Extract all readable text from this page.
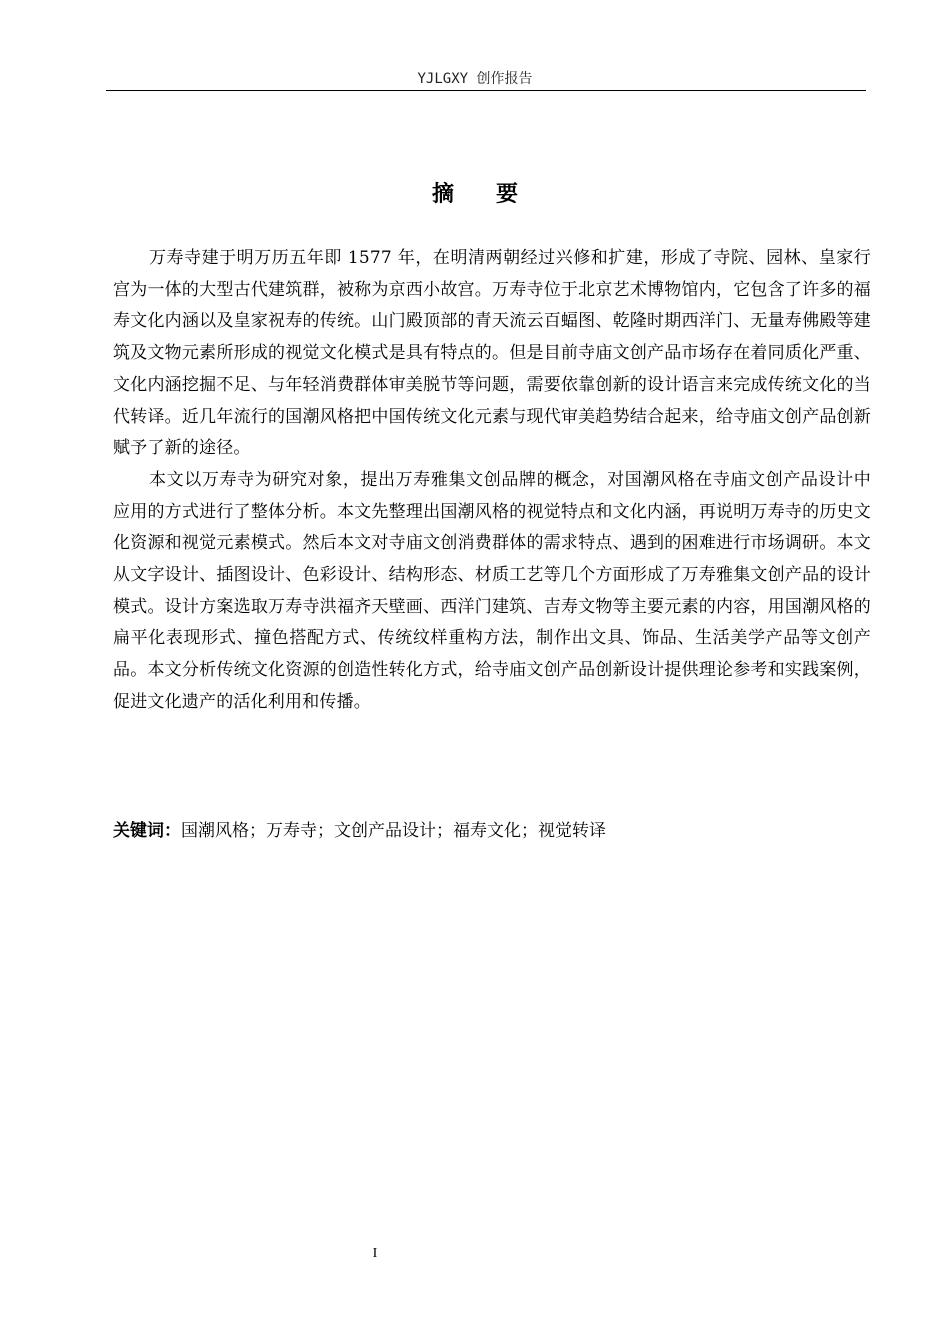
YJLGXY 创作报告
摘要

万寿寺建于明万历五年即 1577 年，在明清两朝经过兴修和扩建，形成了寺院、园林、皇家行宫为一体的大型古代建筑群，被称为京西小故宫。万寿寺位于北京艺术博物馆内，它包含了许多的福寿文化内涵以及皇家祝寿的传统。山门殿顶部的青天流云百蝠图、乾隆时期西洋门、无量寿佛殿等建筑及文物元素所形成的视觉文化模式是具有特点的。但是目前寺庙文创产品市场存在着同质化严重、文化内涵挖掘不足、与年轻消费群体审美脱节等问题，需要依靠创新的设计语言来完成传统文化的当代转译。近几年流行的国潮风格把中国传统文化元素与现代审美趋势结合起来，给寺庙文创产品创新赋予了新的途径。

本文以万寿寺为研究对象，提出万寿雅集文创品牌的概念，对国潮风格在寺庙文创产品设计中应用的方式进行了整体分析。本文先整理出国潮风格的视觉特点和文化内涵，再说明万寿寺的历史文化资源和视觉元素模式。然后本文对寺庙文创消费群体的需求特点、遇到的困难进行市场调研。本文从文字设计、插图设计、色彩设计、结构形态、材质工艺等几个方面形成了万寿雅集文创产品的设计模式。设计方案选取万寿寺洪福齐天壁画、西洋门建筑、吉寿文物等主要元素的内容，用国潮风格的扁平化表现形式、撞色搭配方式、传统纹样重构方法，制作出文具、饰品、生活美学产品等文创产品。本文分析传统文化资源的创造性转化方式，给寺庙文创产品创新设计提供理论参考和实践案例，促进文化遗产的活化利用和传播。

关键词：国潮风格；万寿寺；文创产品设计；福寿文化；视觉转译
I
